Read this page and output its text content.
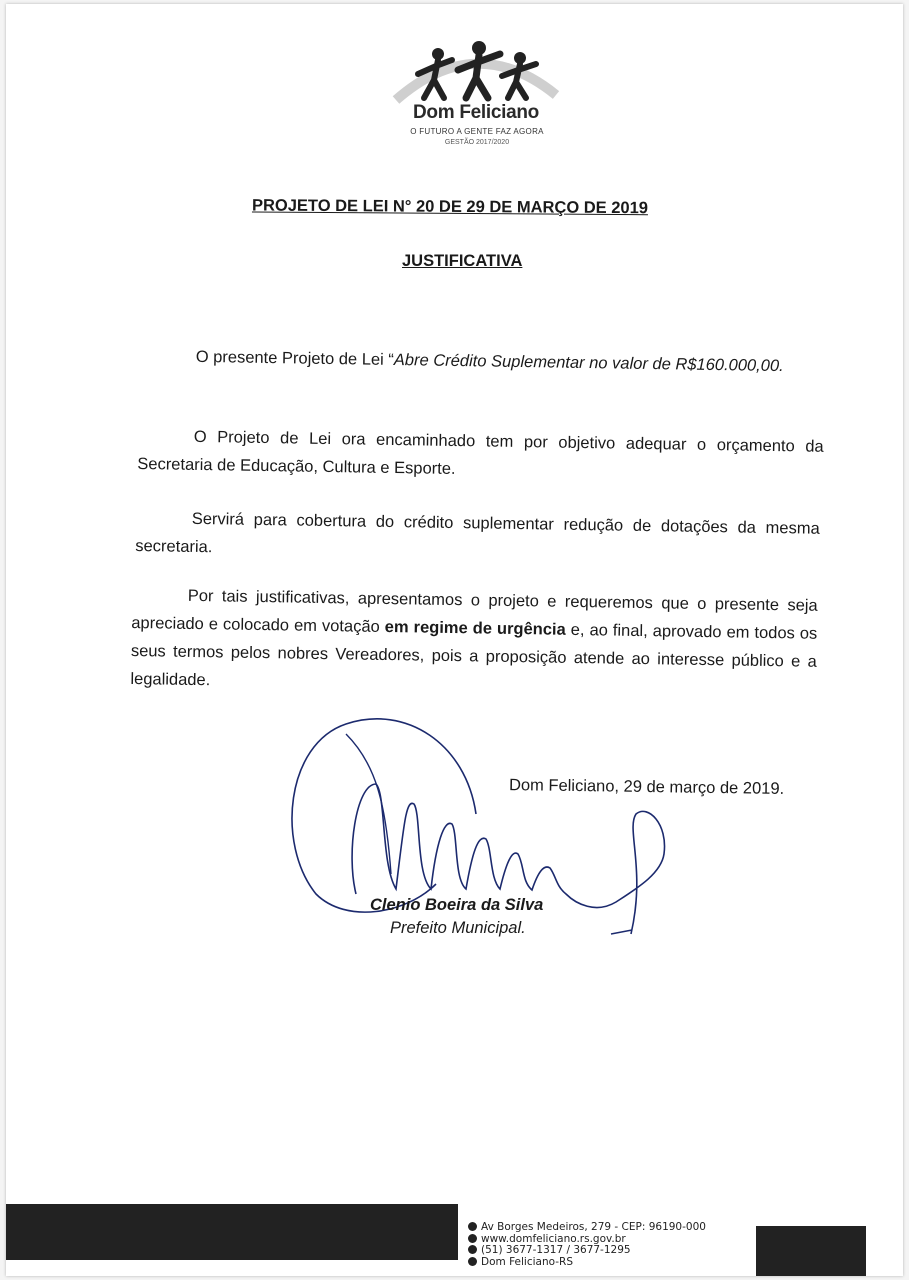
Dom Feliciano
O FUTURO A GENTE FAZ AGORA
GESTÃO 2017/2020
PROJETO DE LEI N° 20 DE 29 DE MARÇO DE 2019
JUSTIFICATIVA
O presente Projeto de Lei “Abre Crédito Suplementar no valor de R$160.000,00.
O Projeto de Lei ora encaminhado tem por objetivo adequar o orçamento da Secretaria de Educação, Cultura e Esporte.
Servirá para cobertura do crédito suplementar redução de dotações da mesma secretaria.
Por tais justificativas, apresentamos o projeto e requeremos que o presente seja apreciado e colocado em votação em regime de urgência e, ao final, aprovado em todos os seus termos pelos nobres Vereadores, pois a proposição atende ao interesse público e a legalidade.
Dom Feliciano, 29 de março de 2019.
Clenio Boeira da Silva
Prefeito Municipal.
Av Borges Medeiros, 279 - CEP: 96190-000
www.domfeliciano.rs.gov.br
(51) 3677-1317 / 3677-1295
Dom Feliciano-RS
